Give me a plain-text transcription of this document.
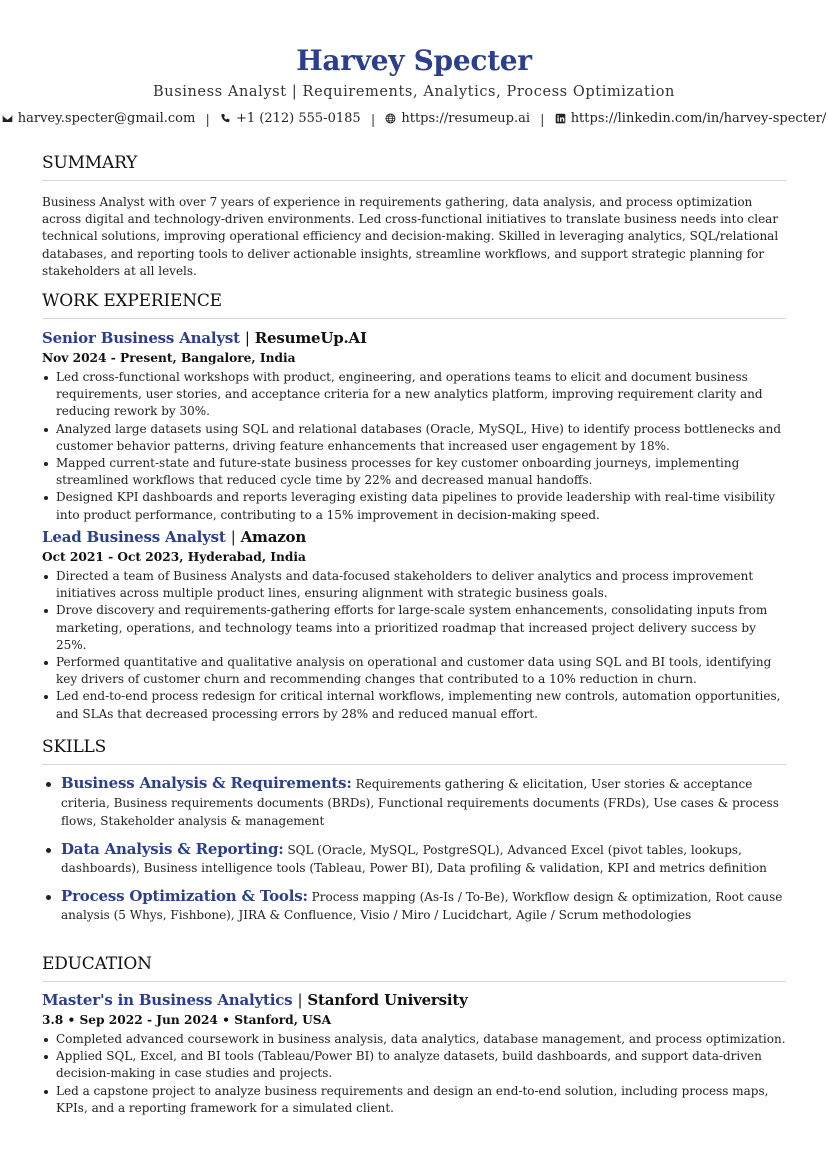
Harvey Specter
Business Analyst | Requirements, Analytics, Process Optimization
harvey.specter@gmail.com | +1 (212) 555-0185 | https://resumeup.ai | https://linkedin.com/in/harvey-specter/
SUMMARY
Business Analyst with over 7 years of experience in requirements gathering, data analysis, and process optimization across digital and technology-driven environments. Led cross-functional initiatives to translate business needs into clear technical solutions, improving operational efficiency and decision-making. Skilled in leveraging analytics, SQL/relational databases, and reporting tools to deliver actionable insights, streamline workflows, and support strategic planning for stakeholders at all levels.
WORK EXPERIENCE
Senior Business Analyst | ResumeUp.AI
Nov 2024 - Present, Bangalore, India
Led cross-functional workshops with product, engineering, and operations teams to elicit and document business requirements, user stories, and acceptance criteria for a new analytics platform, improving requirement clarity and reducing rework by 30%.
Analyzed large datasets using SQL and relational databases (Oracle, MySQL, Hive) to identify process bottlenecks and customer behavior patterns, driving feature enhancements that increased user engagement by 18%.
Mapped current-state and future-state business processes for key customer onboarding journeys, implementing streamlined workflows that reduced cycle time by 22% and decreased manual handoffs.
Designed KPI dashboards and reports leveraging existing data pipelines to provide leadership with real-time visibility into product performance, contributing to a 15% improvement in decision-making speed.
Lead Business Analyst | Amazon
Oct 2021 - Oct 2023, Hyderabad, India
Directed a team of Business Analysts and data-focused stakeholders to deliver analytics and process improvement initiatives across multiple product lines, ensuring alignment with strategic business goals.
Drove discovery and requirements-gathering efforts for large-scale system enhancements, consolidating inputs from marketing, operations, and technology teams into a prioritized roadmap that increased project delivery success by 25%.
Performed quantitative and qualitative analysis on operational and customer data using SQL and BI tools, identifying key drivers of customer churn and recommending changes that contributed to a 10% reduction in churn.
Led end-to-end process redesign for critical internal workflows, implementing new controls, automation opportunities, and SLAs that decreased processing errors by 28% and reduced manual effort.
SKILLS
Business Analysis & Requirements: Requirements gathering & elicitation, User stories & acceptance criteria, Business requirements documents (BRDs), Functional requirements documents (FRDs), Use cases & process flows, Stakeholder analysis & management
Data Analysis & Reporting: SQL (Oracle, MySQL, PostgreSQL), Advanced Excel (pivot tables, lookups, dashboards), Business intelligence tools (Tableau, Power BI), Data profiling & validation, KPI and metrics definition
Process Optimization & Tools: Process mapping (As-Is / To-Be), Workflow design & optimization, Root cause analysis (5 Whys, Fishbone), JIRA & Confluence, Visio / Miro / Lucidchart, Agile / Scrum methodologies
EDUCATION
Master's in Business Analytics | Stanford University
3.8 • Sep 2022 - Jun 2024 • Stanford, USA
Completed advanced coursework in business analysis, data analytics, database management, and process optimization.
Applied SQL, Excel, and BI tools (Tableau/Power BI) to analyze datasets, build dashboards, and support data-driven decision-making in case studies and projects.
Led a capstone project to analyze business requirements and design an end-to-end solution, including process maps, KPIs, and a reporting framework for a simulated client.
